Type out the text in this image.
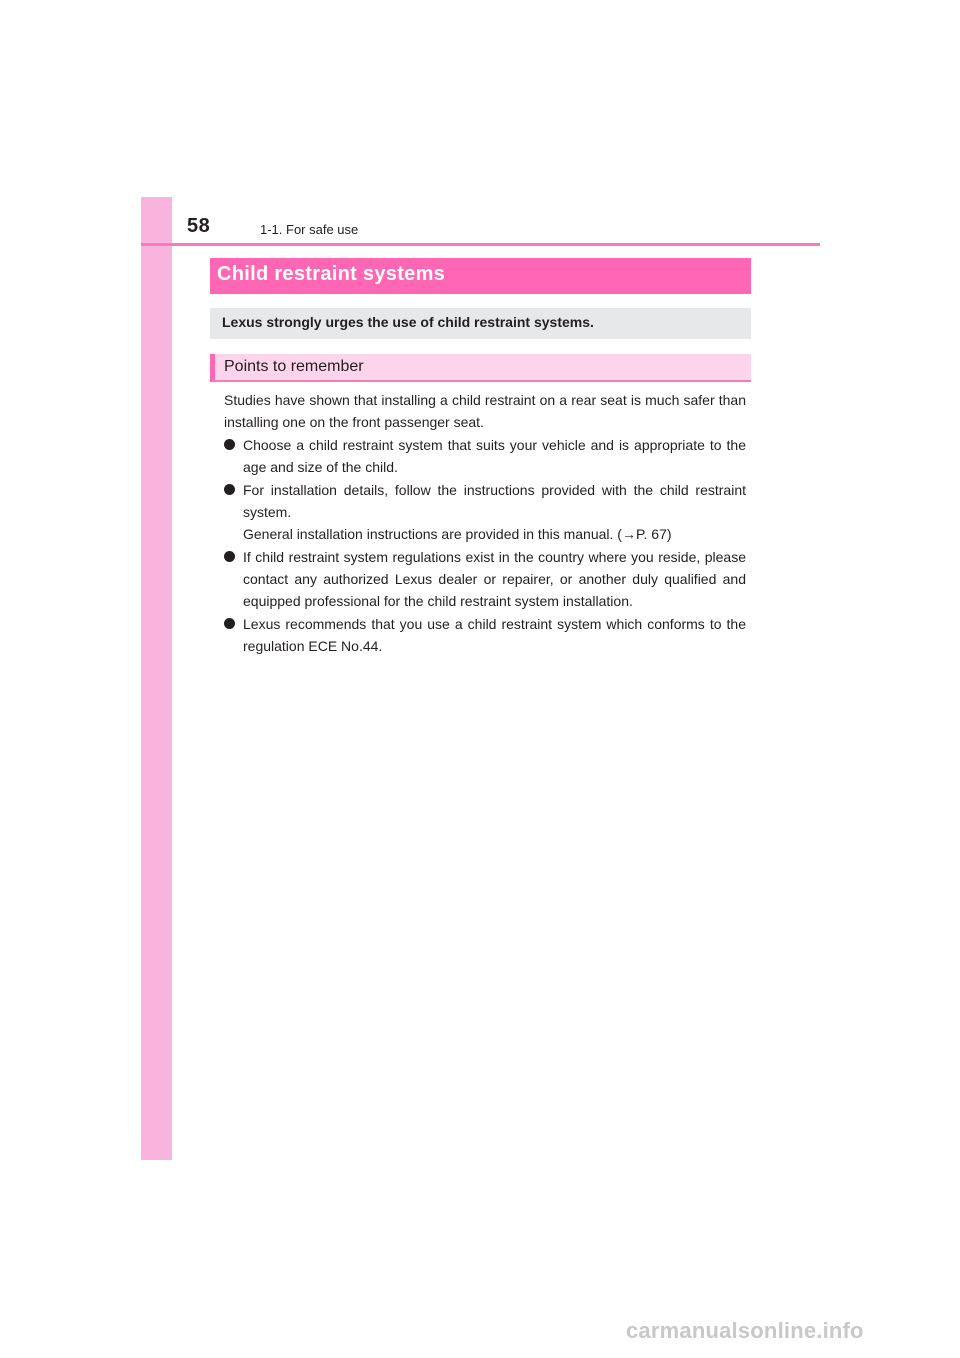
58	1-1. For safe use
Child restraint systems
Lexus strongly urges the use of child restraint systems.
Points to remember
Studies have shown that installing a child restraint on a rear seat is much safer than installing one on the front passenger seat.
Choose a child restraint system that suits your vehicle and is appropriate to the age and size of the child.
For installation details, follow the instructions provided with the child restraint system.
General installation instructions are provided in this manual. (→P. 67)
If child restraint system regulations exist in the country where you reside, please contact any authorized Lexus dealer or repairer, or another duly qualified and equipped professional for the child restraint system installation.
Lexus recommends that you use a child restraint system which conforms to the regulation ECE No.44.
carmanualsonline.info
